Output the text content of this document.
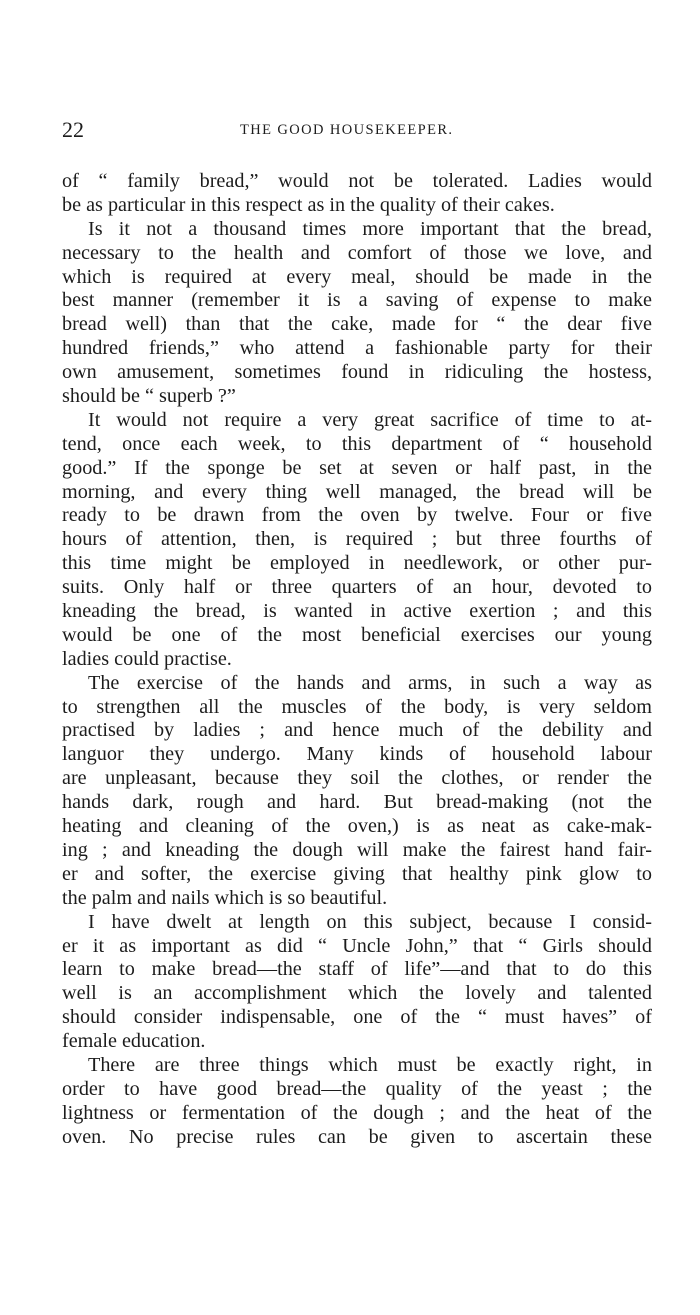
22	THE GOOD HOUSEKEEPER.
of “ family bread,” would not be tolerated. Ladies would
be as particular in this respect as in the quality of their cakes.
Is it not a thousand times more important that the bread,
necessary to the health and comfort of those we love, and
which is required at every meal, should be made in the
best manner (remember it is a saving of expense to make
bread well) than that the cake, made for “ the dear five
hundred friends,” who attend a fashionable party for their
own amusement, sometimes found in ridiculing the hostess,
should be “ superb ?”
It would not require a very great sacrifice of time to at-
tend, once each week, to this department of “ household
good.” If the sponge be set at seven or half past, in the
morning, and every thing well managed, the bread will be
ready to be drawn from the oven by twelve. Four or five
hours of attention, then, is required ; but three fourths of
this time might be employed in needlework, or other pur-
suits. Only half or three quarters of an hour, devoted to
kneading the bread, is wanted in active exertion ; and this
would be one of the most beneficial exercises our young
ladies could practise.
The exercise of the hands and arms, in such a way as
to strengthen all the muscles of the body, is very seldom
practised by ladies ; and hence much of the debility and
languor they undergo. Many kinds of household labour
are unpleasant, because they soil the clothes, or render the
hands dark, rough and hard. But bread-making (not the
heating and cleaning of the oven,) is as neat as cake-mak-
ing ; and kneading the dough will make the fairest hand fair-
er and softer, the exercise giving that healthy pink glow to
the palm and nails which is so beautiful.
I have dwelt at length on this subject, because I consid-
er it as important as did “ Uncle John,” that “ Girls should
learn to make bread—the staff of life”—and that to do this
well is an accomplishment which the lovely and talented
should consider indispensable, one of the “ must haves” of
female education.
There are three things which must be exactly right, in
order to have good bread—the quality of the yeast ; the
lightness or fermentation of the dough ; and the heat of the
oven. No precise rules can be given to ascertain these
